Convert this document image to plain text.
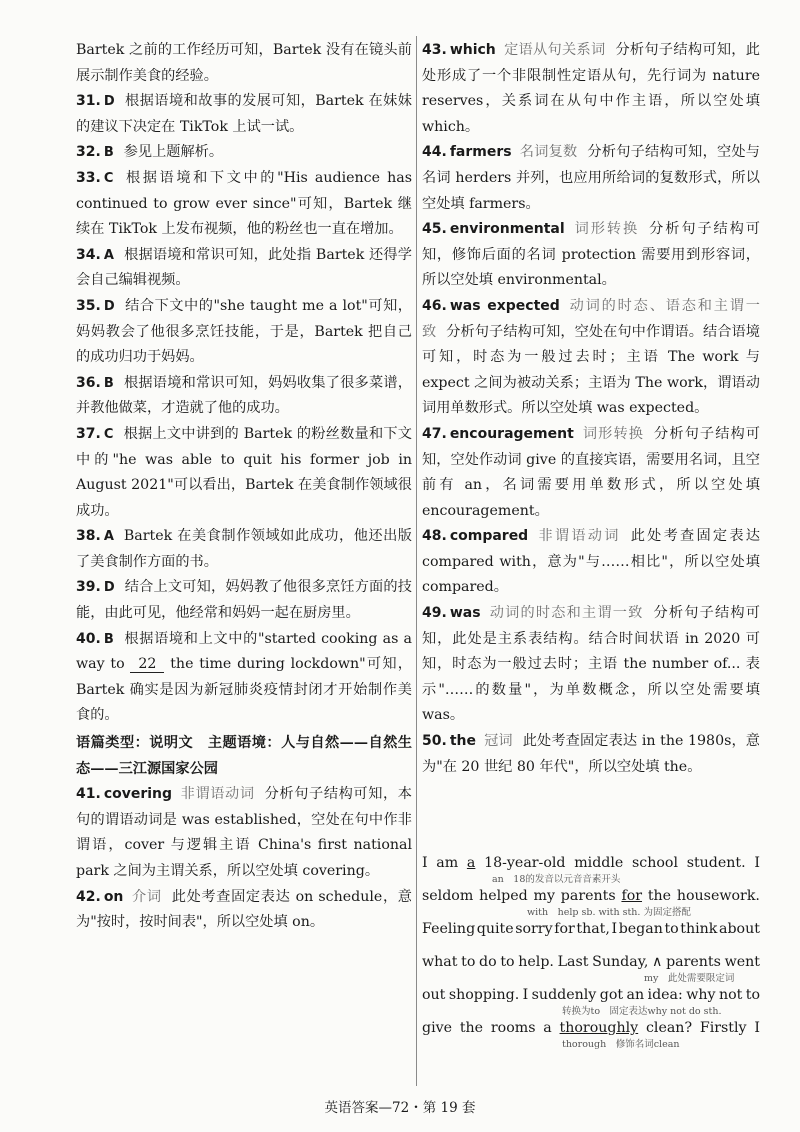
Bartek 之前的工作经历可知，Bartek 没有在镜头前展示制作美食的经验。

31. D 根据语境和故事的发展可知，Bartek 在妹妹的建议下决定在 TikTok 上试一试。

32. B 参见上题解析。

33. C 根据语境和下文中的"His audience has continued to grow ever since"可知，Bartek 继续在 TikTok 上发布视频，他的粉丝也一直在增加。

34. A 根据语境和常识可知，此处指 Bartek 还得学会自己编辑视频。

35. D 结合下文中的"she taught me a lot"可知，妈妈教会了他很多烹饪技能，于是，Bartek 把自己的成功归功于妈妈。

36. B 根据语境和常识可知，妈妈收集了很多菜谱，并教他做菜，才造就了他的成功。

37. C 根据上文中讲到的 Bartek 的粉丝数量和下文中的"he was able to quit his former job in August 2021"可以看出，Bartek 在美食制作领域很成功。

38. A Bartek 在美食制作领域如此成功，他还出版了美食制作方面的书。

39. D 结合上文可知，妈妈教了他很多烹饪方面的技能，由此可见，他经常和妈妈一起在厨房里。

40. B 根据语境和上文中的"started cooking as a way to 22 the time during lockdown"可知，Bartek 确实是因为新冠肺炎疫情封闭才开始制作美食的。

语篇类型：说明文　主题语境：人与自然——自然生态——三江源国家公园

41. covering 非谓语动词 分析句子结构可知，本句的谓语动词是 was established，空处在句中作非谓语，cover 与逻辑主语 China's first national park 之间为主谓关系，所以空处填 covering。

42. on 介词 此处考查固定表达 on schedule，意为"按时，按时间表"，所以空处填 on。

43. which 定语从句关系词 分析句子结构可知，此处形成了一个非限制性定语从句，先行词为 nature reserves，关系词在从句中作主语，所以空处填 which。

44. farmers 名词复数 分析句子结构可知，空处与名词 herders 并列，也应用所给词的复数形式，所以空处填 farmers。

45. environmental 词形转换 分析句子结构可知，修饰后面的名词 protection 需要用到形容词，所以空处填 environmental。

46. was expected 动词的时态、语态和主谓一致 分析句子结构可知，空处在句中作谓语。结合语境可知，时态为一般过去时；主语 The work 与 expect 之间为被动关系；主语为 The work，谓语动词用单数形式。所以空处填 was expected。

47. encouragement 词形转换 分析句子结构可知，空处作动词 give 的直接宾语，需要用名词，且空前有 an，名词需要用单数形式，所以空处填 encouragement。

48. compared 非谓语动词 此处考查固定表达 compared with，意为"与……相比"，所以空处填 compared。

49. was 动词的时态和主谓一致 分析句子结构可知，此处是主系表结构。结合时间状语 in 2020 可知，时态为一般过去时；主语 the number of... 表示"……的数量"，为单数概念，所以空处需要填 was。

50. the 冠词 此处考查固定表达 in the 1980s，意为"在 20 世纪 80 年代"，所以空处填 the。

I am a 18-year-old middle school student. I
an　18的发音以元音音素开头
seldom helped my parents for the housework.
with　help sb. with sth. 为固定搭配
Feeling quite sorry for that, I began to think about
what to do to help. Last Sunday, ∧ parents went
my　此处需要限定词
out shopping. I suddenly got an idea: why not to
转换为to　固定表达why not do sth.
give the rooms a thoroughly clean? Firstly I
thorough　修饰名词clean
英语答案—72・第 19 套
